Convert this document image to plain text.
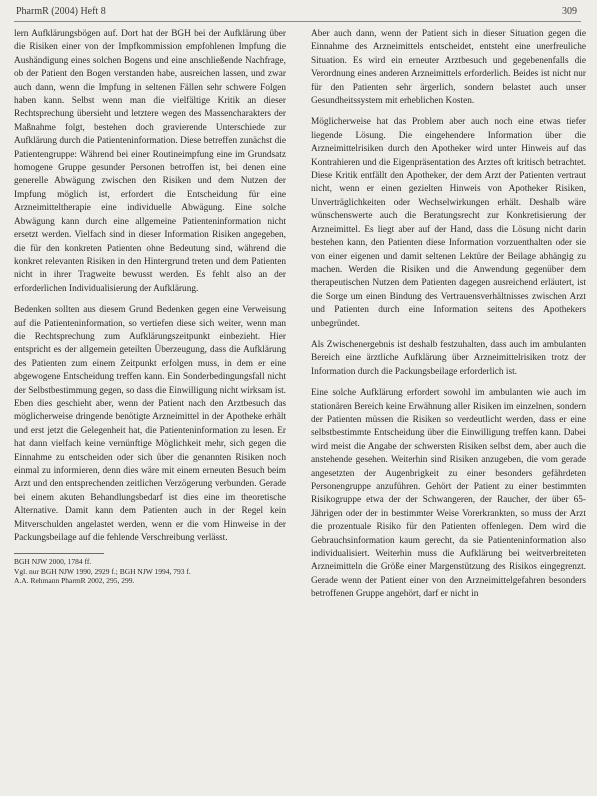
PharmR (2004) Heft 8	309

lern Aufklärungsbögen auf. Dort hat der BGH bei der Aufklärung über die Risiken einer von der Impfkommission empfohlenen Impfung die Aushändigung eines solchen Bogens und eine anschließende Nachfrage, ob der Patient den Bogen verstanden habe, ausreichen lassen, und zwar auch dann, wenn die Impfung in seltenen Fällen sehr schwere Folgen haben kann. Selbst wenn man die vielfältige Kritik an dieser Rechtsprechung übersieht und letztere wegen des Massencharakters der Maßnahme folgt, bestehen doch gravierende Unterschiede zur Aufklärung durch die Patienteninformation. Diese betreffen zunächst die Patientengruppe: Während bei einer Routineimpfung eine im Grundsatz homogene Gruppe gesunder Personen betroffen ist, bei denen eine generelle Abwägung zwischen den Risiken und dem Nutzen der Impfung möglich ist, erfordert die Entscheidung für eine Arzneimitteltherapie eine individuelle Abwägung. Eine solche Abwägung kann durch eine allgemeine Patienteninformation nicht ersetzt werden. Vielfach sind in dieser Information Risiken angegeben, die für den konkreten Patienten ohne Bedeutung sind, während die konkret relevanten Risiken in den Hintergrund treten und dem Patienten nicht in ihrer Tragweite bewusst werden. Es fehlt also an der erforderlichen Individualisierung der Aufklärung.

Bedenken sollten aus diesem Grund Bedenken gegen eine Verweisung auf die Patienteninformation, so vertiefen diese sich weiter, wenn man die Rechtsprechung zum Aufklärungszeitpunkt einbezieht. Hier entspricht es der allgemein geteilten Überzeugung, dass die Aufklärung des Patienten zum einem Zeitpunkt erfolgen muss, in dem er eine abgewogene Entscheidung treffen kann. Ein Sonderbedingungsfall nicht der Selbstbestimmung gegen, so dass die Einwilligung nicht wirksam ist. Eben dies geschieht aber, wenn der Patient nach den Arztbesuch das möglicherweise dringende benötigte Arzneimittel in der Apotheke erhält und erst jetzt die Gelegenheit hat, die Patienteninformation zu lesen. Er hat dann vielfach keine vernünftige Möglichkeit mehr, sich gegen die Einnahme zu entscheiden oder sich über die genannten Risiken noch einmal zu informieren, denn dies wäre mit einem erneuten Besuch beim Arzt und den entsprechenden zeitlichen Verzögerung verbunden. Gerade bei einem akuten Behandlungsbedarf ist dies eine im theoretische Alternative. Damit kann dem Patienten auch in der Regel kein Mitverschulden angelastet werden, wenn er die vom Hinweise in der Packungsbeilage auf die fehlende Verschreibung verlässt.

BGH NJW 2000, 1784 ff.
Vgl. nur BGH NJW 1990, 2929 f.; BGH NJW 1994, 793 f.
A.A. Rehmann PharmR 2002, 295, 299.

Aber auch dann, wenn der Patient sich in dieser Situation gegen die Einnahme des Arzneimittels entscheidet, entsteht eine unerfreuliche Situation. Es wird ein erneuter Arztbesuch und gegebenenfalls die Verordnung eines anderen Arzneimittels erforderlich. Beides ist nicht nur für den Patienten sehr ärgerlich, sondern belastet auch unser Gesundheitssystem mit erheblichen Kosten.

Möglicherweise hat das Problem aber auch noch eine etwas tiefer liegende Lösung. Die eingehendere Information über die Arzneimittelrisiken durch den Apotheker wird unter Hinweis auf das Kontrahieren und die Eigenpräsentation des Arztes oft kritisch betrachtet. Diese Kritik entfällt den Apotheker, der dem Arzt der Patienten vertraut nicht, wenn er einen gezielten Hinweis von Apotheker Risiken, Unverträglichkeiten oder Wechselwirkungen erhält. Deshalb wäre wünschenswerte auch die Beratungsrecht zur Konkretisierung der Arzneimittel. Es liegt aber auf der Hand, dass die Lösung nicht darin bestehen kann, den Patienten diese Information vorzuenthalten oder sie von einer eigenen und damit seltenen Lektüre der Beilage abhängig zu machen. Werden die Risiken und die Anwendung gegenüber dem therapeutischen Nutzen dem Patienten dagegen ausreichend erläutert, ist die Sorge um einen Bindung des Vertrauensverhältnisses zwischen Arzt und Patienten durch eine Information seitens des Apothekers unbegründet.

Als Zwischenergebnis ist deshalb festzuhalten, dass auch im ambulanten Bereich eine ärztliche Aufklärung über Arzneimittelrisiken trotz der Information durch die Packungsbeilage erforderlich ist.

Eine solche Aufklärung erfordert sowohl im ambulanten wie auch im stationären Bereich keine Erwähnung aller Risiken im einzelnen, sondern der Patienten müssen die Risiken so verdeutlicht werden, dass er eine selbstbestimmte Entscheidung über die Einwilligung treffen kann. Dabei wird meist die Angabe der schwersten Risiken selbst dem, aber auch die anstehende gesehen. Weiterhin sind Risiken anzugeben, die vom gerade angesetzten der Augenbrigkeit zu einer besonders gefährdeten Personengruppe anzuführen. Gehört der Patient zu einer bestimmten Risikogruppe etwa der der Schwangeren, der Raucher, der über 65-Jährigen oder der in bestimmter Weise Vorerkrankten, so muss der Arzt die prozentuale Risiko für den Patienten offenlegen. Dem wird die Gebrauchsinformation kaum gerecht, da sie Patienteninformation also individualisiert. Weiterhin muss die Aufklärung bei weitverbreiteten Arzneimitteln die Größe einer Margenstützung des Risikos eingegrenzt. Gerade wenn der Patient einer von den Arzneimittelgefahren besonders betroffenen Gruppe angehört, darf er nicht in
